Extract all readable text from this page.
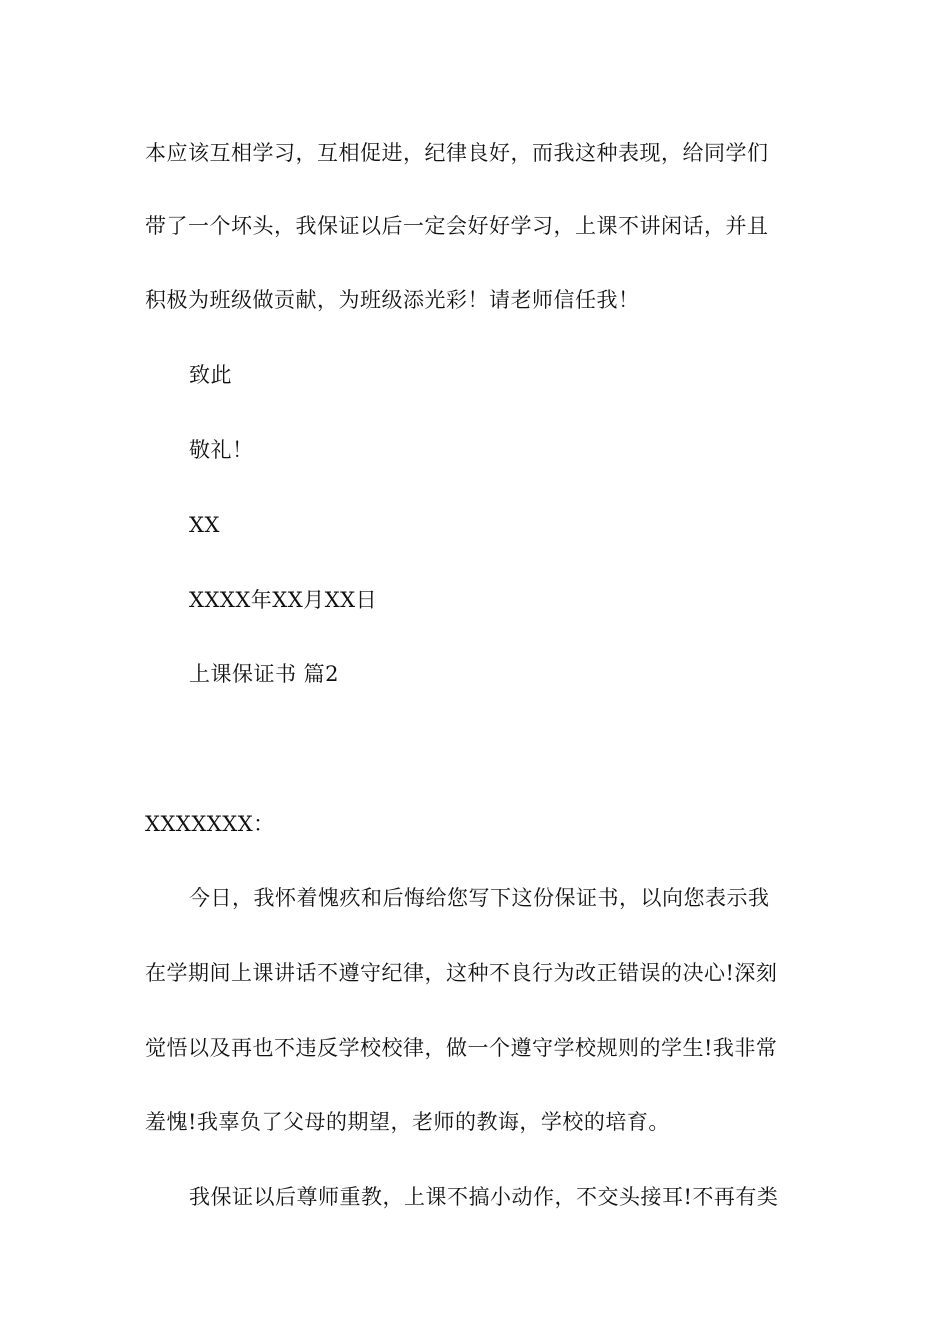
本应该互相学习，互相促进，纪律良好，而我这种表现，给同学们
带了一个坏头，我保证以后一定会好好学习，上课不讲闲话，并且
积极为班级做贡献，为班级添光彩！请老师信任我！
致此
敬礼！
XX
XXXX年XX月XX日
上课保证书 篇2
XXXXXXX：
今日，我怀着愧疚和后悔给您写下这份保证书，以向您表示我
在学期间上课讲话不遵守纪律，这种不良行为改正错误的决心!深刻
觉悟以及再也不违反学校校律，做一个遵守学校规则的学生!我非常
羞愧!我辜负了父母的期望，老师的教诲，学校的培育。
我保证以后尊师重教，上课不搞小动作，不交头接耳!不再有类
